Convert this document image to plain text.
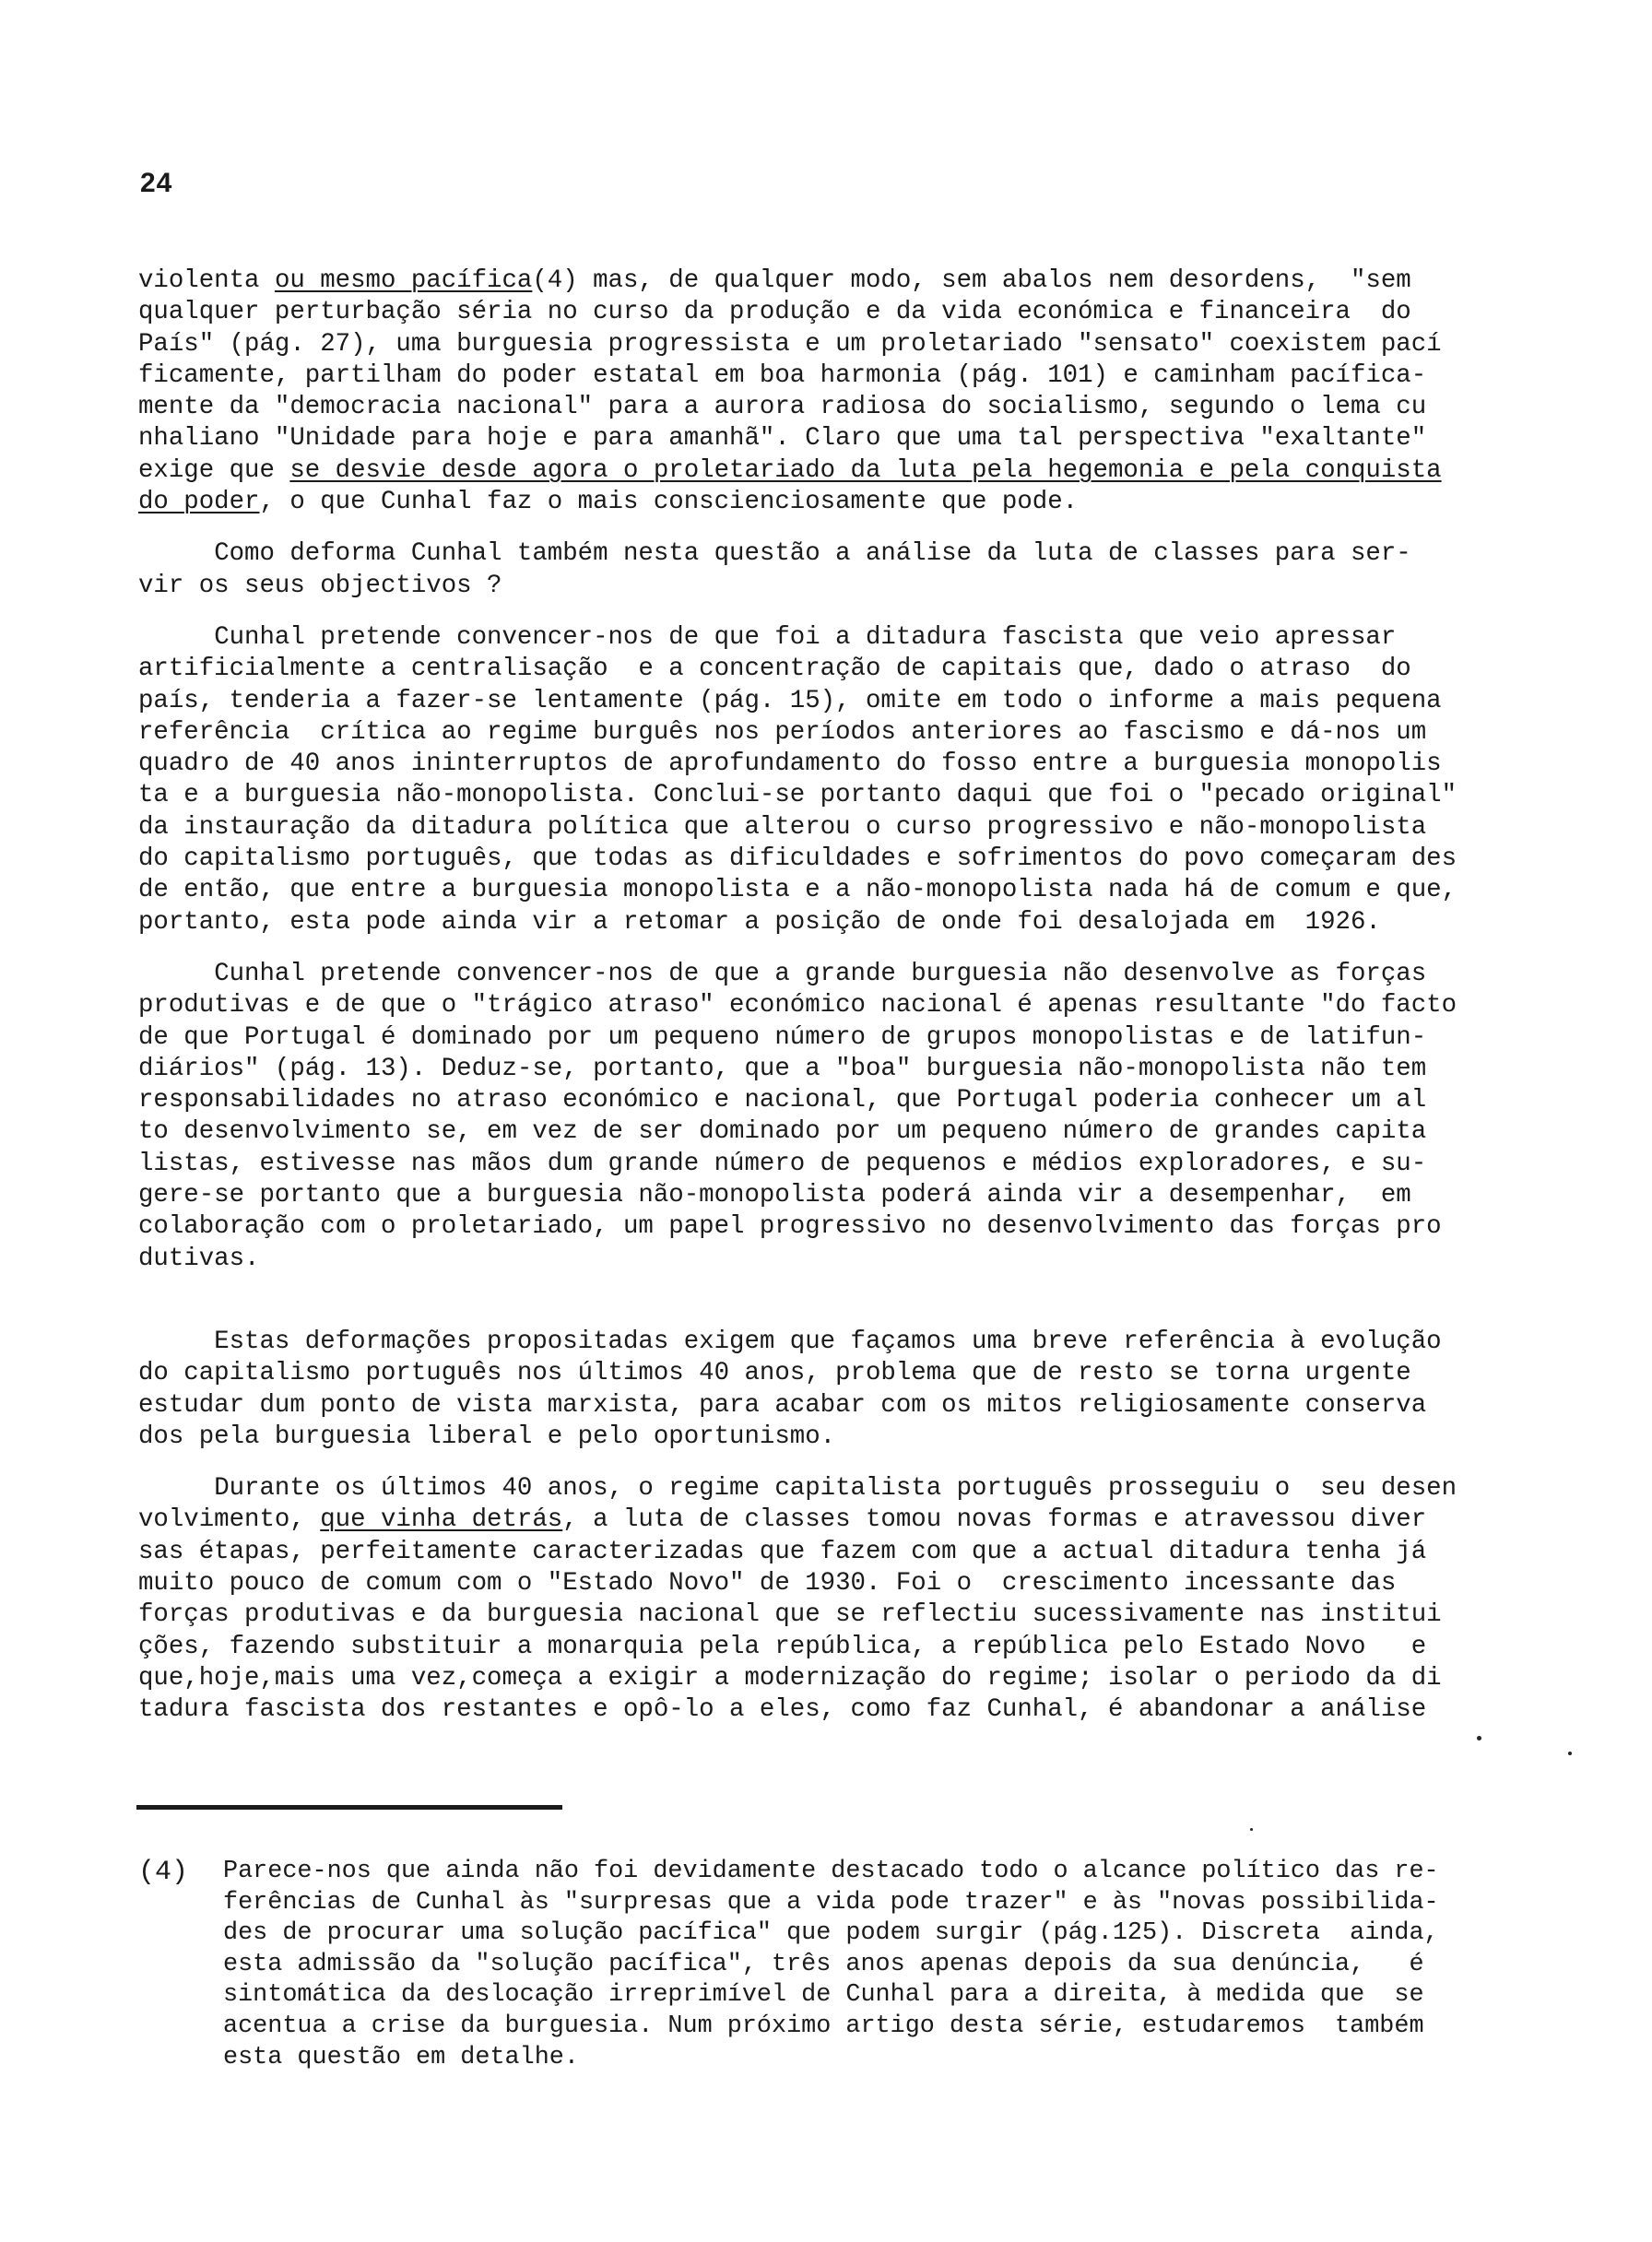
24
violenta ou mesmo pacífica(4) mas, de qualquer modo, sem abalos nem desordens,  "sem
qualquer perturbação séria no curso da produção e da vida económica e financeira  do
País" (pág. 27), uma burguesia progressista e um proletariado "sensato" coexistem pací
ficamente, partilham do poder estatal em boa harmonia (pág. 101) e caminham pacífica-
mente da "democracia nacional" para a aurora radiosa do socialismo, segundo o lema cu
nhaliano "Unidade para hoje e para amanhã". Claro que uma tal perspectiva "exaltante"
exige que se desvie desde agora o proletariado da luta pela hegemonia e pela conquista
do poder, o que Cunhal faz o mais conscienciosamente que pode.
Como deforma Cunhal também nesta questão a análise da luta de classes para ser-
vir os seus objectivos ?
Cunhal pretende convencer-nos de que foi a ditadura fascista que veio apressar
artificialmente a centralisação  e a concentração de capitais que, dado o atraso  do
país, tenderia a fazer-se lentamente (pág. 15), omite em todo o informe a mais pequena
referência  crítica ao regime burguês nos períodos anteriores ao fascismo e dá-nos um
quadro de 40 anos ininterruptos de aprofundamento do fosso entre a burguesia monopolis
ta e a burguesia não-monopolista. Conclui-se portanto daqui que foi o "pecado original"
da instauração da ditadura política que alterou o curso progressivo e não-monopolista
do capitalismo português, que todas as dificuldades e sofrimentos do povo começaram des
de então, que entre a burguesia monopolista e a não-monopolista nada há de comum e que,
portanto, esta pode ainda vir a retomar a posição de onde foi desalojada em  1926.
Cunhal pretende convencer-nos de que a grande burguesia não desenvolve as forças
produtivas e de que o "trágico atraso" económico nacional é apenas resultante "do facto
de que Portugal é dominado por um pequeno número de grupos monopolistas e de latifun-
diários" (pág. 13). Deduz-se, portanto, que a "boa" burguesia não-monopolista não tem
responsabilidades no atraso económico e nacional, que Portugal poderia conhecer um al
to desenvolvimento se, em vez de ser dominado por um pequeno número de grandes capita
listas, estivesse nas mãos dum grande número de pequenos e médios exploradores, e su-
gere-se portanto que a burguesia não-monopolista poderá ainda vir a desempenhar,  em
colaboração com o proletariado, um papel progressivo no desenvolvimento das forças pro
dutivas.
Estas deformações propositadas exigem que façamos uma breve referência à evolução
do capitalismo português nos últimos 40 anos, problema que de resto se torna urgente
estudar dum ponto de vista marxista, para acabar com os mitos religiosamente conserva
dos pela burguesia liberal e pelo oportunismo.
Durante os últimos 40 anos, o regime capitalista português prosseguiu o  seu desen
volvimento, que vinha detrás, a luta de classes tomou novas formas e atravessou diver
sas étapas, perfeitamente caracterizadas que fazem com que a actual ditadura tenha já
muito pouco de comum com o "Estado Novo" de 1930. Foi o  crescimento incessante das
forças produtivas e da burguesia nacional que se reflectiu sucessivamente nas institui
ções, fazendo substituir a monarquia pela república, a república pelo Estado Novo   e
que,hoje,mais uma vez,começa a exigir a modernização do regime; isolar o periodo da di
tadura fascista dos restantes e opô-lo a eles, como faz Cunhal, é abandonar a análise
(4) Parece-nos que ainda não foi devidamente destacado todo o alcance político das re-
ferências de Cunhal às "surpresas que a vida pode trazer" e às "novas possibilida-
des de procurar uma solução pacífica" que podem surgir (pág.125). Discreta  ainda,
esta admissão da "solução pacífica", três anos apenas depois da sua denúncia,   é
sintomática da deslocação irreprimível de Cunhal para a direita, à medida que  se
acentua a crise da burguesia. Num próximo artigo desta série, estudaremos  também
esta questão em detalhe.
